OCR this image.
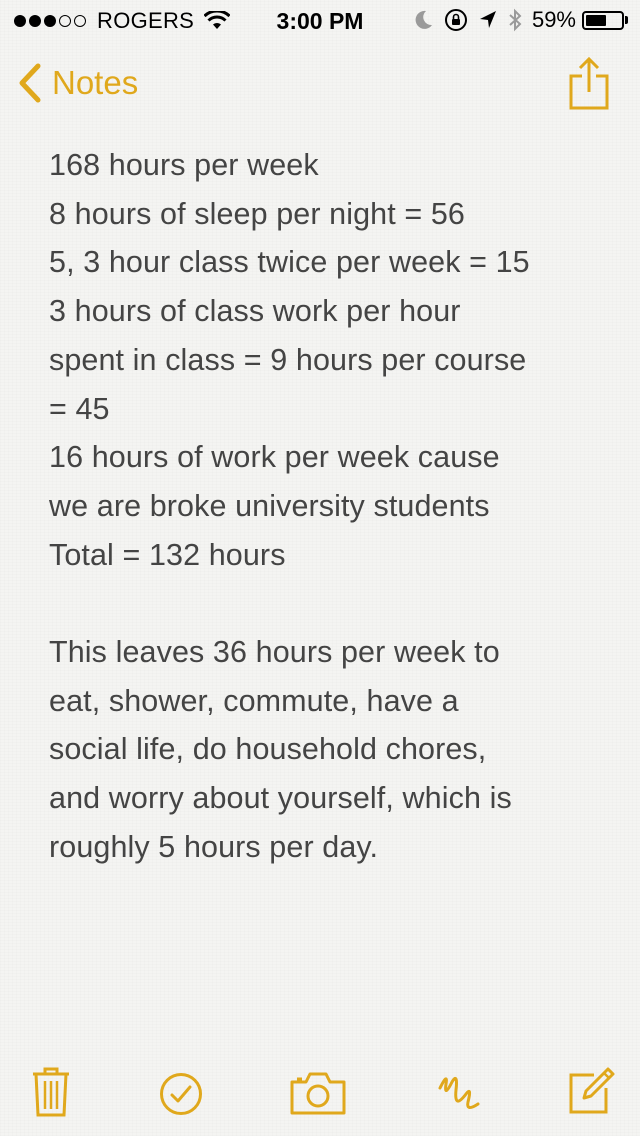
ROGERS	3:00 PM	59%
Notes
168 hours per week
8 hours of sleep per night = 56
5, 3 hour class twice per week = 15
3 hours of class work per hour
spent in class = 9 hours per course
= 45
16 hours of work per week cause
we are broke university students
Total = 132 hours
This leaves 36 hours per week to
eat, shower, commute, have a
social life, do household chores,
and worry about yourself, which is
roughly 5 hours per day.
